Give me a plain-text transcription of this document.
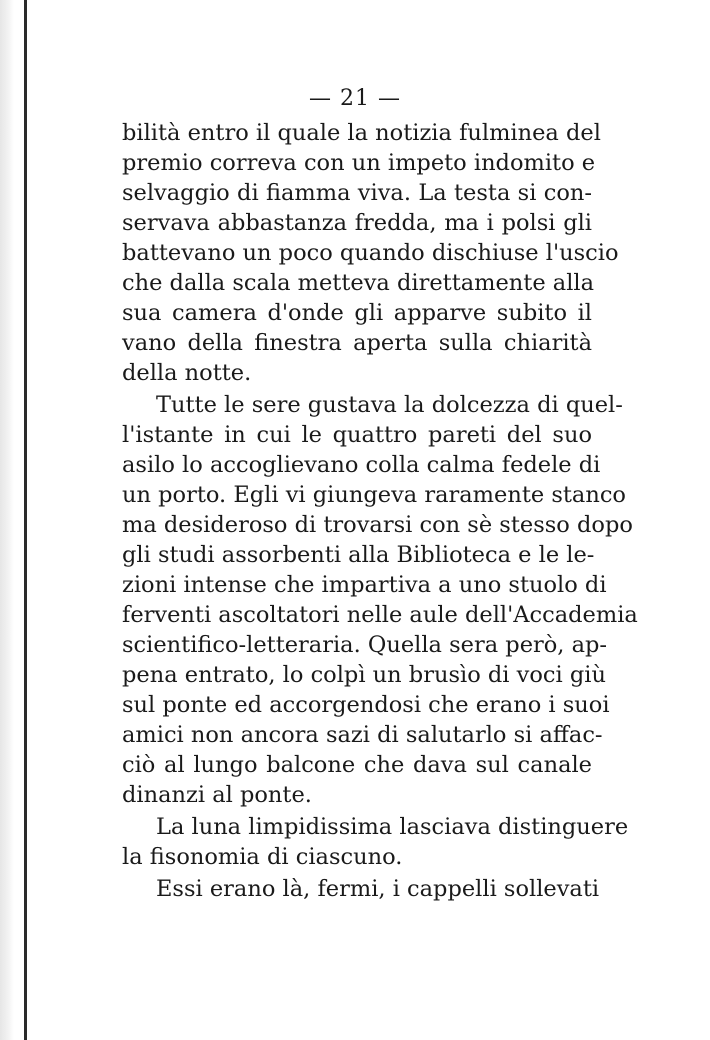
— 21 —
bilità entro il quale la notizia fulminea del
premio correva con un impeto indomito e
selvaggio di fiamma viva. La testa si con-
servava abbastanza fredda, ma i polsi gli
battevano un poco quando dischiuse l'uscio
che dalla scala metteva direttamente alla
sua camera d'onde gli apparve subito il
vano della finestra aperta sulla chiarità
della notte.
Tutte le sere gustava la dolcezza di quel-
l'istante in cui le quattro pareti del suo
asilo lo accoglievano colla calma fedele di
un porto. Egli vi giungeva raramente stanco
ma desideroso di trovarsi con sè stesso dopo
gli studi assorbenti alla Biblioteca e le le-
zioni intense che impartiva a uno stuolo di
ferventi ascoltatori nelle aule dell'Accademia
scientifico-letteraria. Quella sera però, ap-
pena entrato, lo colpì un brusìo di voci giù
sul ponte ed accorgendosi che erano i suoi
amici non ancora sazi di salutarlo si affac-
ciò al lungo balcone che dava sul canale
dinanzi al ponte.
La luna limpidissima lasciava distinguere
la fisonomia di ciascuno.
Essi erano là, fermi, i cappelli sollevati
